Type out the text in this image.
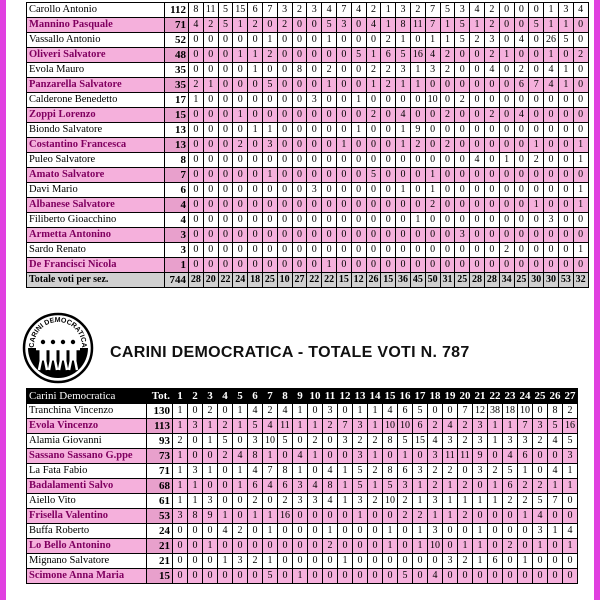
Carollo Antonio	112	8	11	5	15	6	7	3	2	3	4	7	4	2	1	3	2	7	5	3	4	2	0	0	0	1	3	4
Mannino Pasquale	71	4	2	5	1	2	0	2	0	0	5	3	0	4	1	8	11	7	1	5	1	2	0	0	5	1	1	0
Vassallo Antonio	52	0	0	0	0	0	1	0	0	0	1	0	0	0	2	1	0	1	1	5	2	3	0	4	0	26	5	0
Oliveri Salvatore	48	0	0	0	1	1	2	0	0	0	0	0	5	1	6	5	16	4	2	0	0	2	1	0	0	1	0	2
Evola Mauro	35	0	0	0	0	1	0	0	8	0	2	0	0	2	2	3	1	3	2	0	0	4	0	2	0	4	1	0
Panzarella Salvatore	35	2	1	0	0	0	5	0	0	0	1	0	0	1	2	1	1	0	0	0	0	0	0	6	7	4	1	0
Calderone Benedetto	17	1	0	0	0	0	0	0	0	3	0	0	1	0	0	0	0	10	0	2	0	0	0	0	0	0	0	0
Zoppi Lorenzo	15	0	0	0	1	0	0	0	0	0	0	0	0	2	0	4	0	0	2	0	0	2	0	4	0	0	0	0
Biondo Salvatore	13	0	0	0	0	1	1	0	0	0	0	0	1	0	0	1	9	0	0	0	0	0	0	0	0	0	0	0
Costantino Francesca	13	0	0	0	2	0	3	0	0	0	0	1	0	0	0	1	2	0	2	0	0	0	0	0	1	0	0	1
Puleo Salvatore	8	0	0	0	0	0	0	0	0	0	0	0	0	0	0	0	0	0	0	0	4	0	1	0	2	0	0	1
Amato Salvatore	7	0	0	0	0	0	1	0	0	0	0	0	0	5	0	0	0	1	0	0	0	0	0	0	0	0	0	0
Davi Mario	6	0	0	0	0	0	0	0	0	3	0	0	0	0	0	1	0	1	0	0	0	0	0	0	0	0	0	1
Albanese Salvatore	4	0	0	0	0	0	0	0	0	0	0	0	0	0	0	0	0	2	0	0	0	0	0	0	1	0	0	1
Filiberto Gioacchino	4	0	0	0	0	0	0	0	0	0	0	0	0	0	0	0	1	0	0	0	0	0	0	0	0	3	0	0
Armetta Antonino	3	0	0	0	0	0	0	0	0	0	0	0	0	0	0	0	0	0	0	3	0	0	0	0	0	0	0	0
Sardo Renato	3	0	0	0	0	0	0	0	0	0	0	0	0	0	0	0	0	0	0	0	0	0	2	0	0	0	0	1
De Francisci Nicola	1	0	0	0	0	0	0	0	0	0	1	0	0	0	0	0	0	0	0	0	0	0	0	0	0	0	0	0
Totale voti per sez.	744	28	20	22	24	18	25	10	27	22	22	15	12	26	15	36	45	50	31	25	28	28	34	25	30	30	53	32
CARINI DEMOCRATICA CARINI DEMOCRATICA - TOTALE VOTI N. 787
Carini Democratica	Tot.	1	2	3	4	5	6	7	8	9	10	11	12	13	14	15	16	17	18	19	20	21	22	23	24	25	26	27
Tranchina Vincenzo	130	1	0	2	0	1	4	2	4	1	0	3	0	1	1	4	6	5	0	0	7	12	38	18	10	0	8	2
Evola Vincenzo	113	1	3	1	2	1	5	4	11	1	1	2	7	3	1	10	10	6	2	4	2	3	1	1	7	3	5	16
Alamia Giovanni	93	2	0	1	5	0	3	10	5	0	2	0	3	2	2	8	5	15	4	3	2	3	1	3	3	2	4	5
Sassano Sassano G.ppe	73	1	0	0	2	4	8	1	0	4	1	0	0	3	1	0	1	0	3	11	11	9	0	4	6	0	0	3
La Fata Fabio	71	1	3	1	0	1	4	7	8	1	0	4	1	5	2	8	6	3	2	2	0	3	2	5	1	0	4	1
Badalamenti Salvo	68	1	1	0	0	1	6	4	6	3	4	8	1	5	1	5	3	1	2	1	2	0	1	6	2	2	1	1
Aiello Vito	61	1	1	3	0	0	2	0	2	3	3	4	1	3	2	10	2	1	3	1	1	1	1	2	2	5	7	0
Frisella Valentino	53	3	8	9	1	0	1	1	16	0	0	0	0	1	0	0	2	2	1	1	2	0	0	0	1	4	0	0
Buffa Roberto	24	0	0	0	4	2	0	1	0	0	0	1	0	0	0	1	0	1	3	0	0	1	0	0	0	3	1	4
Lo Bello Antonino	21	0	0	1	0	0	0	0	0	0	0	2	0	0	0	1	0	1	10	0	1	1	0	2	0	1	0	1
Mignano Salvatore	21	0	0	0	1	3	2	1	0	0	0	0	1	0	0	0	0	0	0	3	2	1	6	0	1	0	0	0
Scimone Anna Maria	15	0	0	0	0	0	0	5	0	1	0	0	0	0	0	0	5	0	4	0	0	0	0	0	0	0	0	0
